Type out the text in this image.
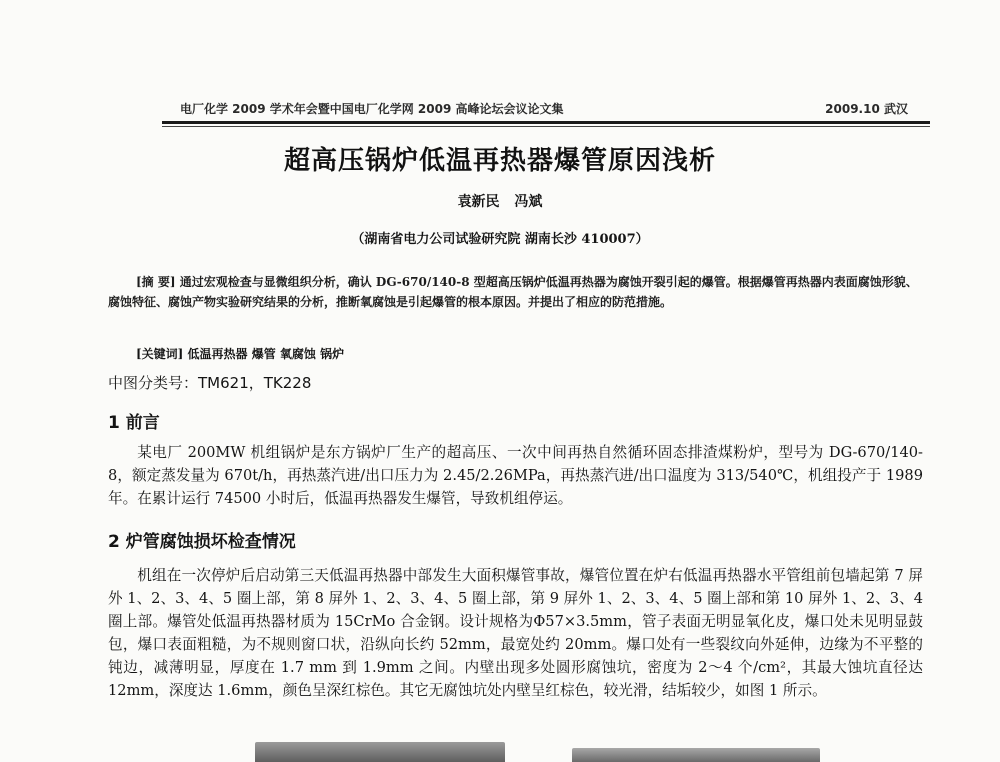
电厂化学 2009 学术年会暨中国电厂化学网 2009 高峰论坛会议论文集	2009.10 武汉
超高压锅炉低温再热器爆管原因浅析
袁新民 冯斌
（湖南省电力公司试验研究院 湖南长沙 410007）
[摘 要] 通过宏观检查与显微组织分析，确认 DG-670/140-8 型超高压锅炉低温再热器为腐蚀开裂引起的爆管。根据爆管再热器内表面腐蚀形貌、腐蚀特征、腐蚀产物实验研究结果的分析，推断氧腐蚀是引起爆管的根本原因。并提出了相应的防范措施。
[关键词] 低温再热器 爆管 氧腐蚀 锅炉
中图分类号：TM621，TK228
1 前言

某电厂 200MW 机组锅炉是东方锅炉厂生产的超高压、一次中间再热自然循环固态排渣煤粉炉，型号为 DG-670/140-8，额定蒸发量为 670t/h，再热蒸汽进/出口压力为 2.45/2.26MPa，再热蒸汽进/出口温度为 313/540℃，机组投产于 1989 年。在累计运行 74500 小时后，低温再热器发生爆管，导致机组停运。

2 炉管腐蚀损坏检查情况

机组在一次停炉后启动第三天低温再热器中部发生大面积爆管事故，爆管位置在炉右低温再热器水平管组前包墙起第 7 屏外 1、2、3、4、5 圈上部，第 8 屏外 1、2、3、4、5 圈上部，第 9 屏外 1、2、3、4、5 圈上部和第 10 屏外 1、2、3、4 圈上部。爆管处低温再热器材质为 15CrMo 合金钢。设计规格为Φ57×3.5mm，管子表面无明显氧化皮，爆口处未见明显鼓包，爆口表面粗糙，为不规则窗口状，沿纵向长约 52mm，最宽处约 20mm。爆口处有一些裂纹向外延伸，边缘为不平整的钝边，减薄明显，厚度在 1.7 mm 到 1.9mm 之间。内壁出现多处圆形腐蚀坑，密度为 2～4 个/cm²，其最大蚀坑直径达 12mm，深度达 1.6mm，颜色呈深红棕色。其它无腐蚀坑处内壁呈红棕色，较光滑，结垢较少，如图 1 所示。
